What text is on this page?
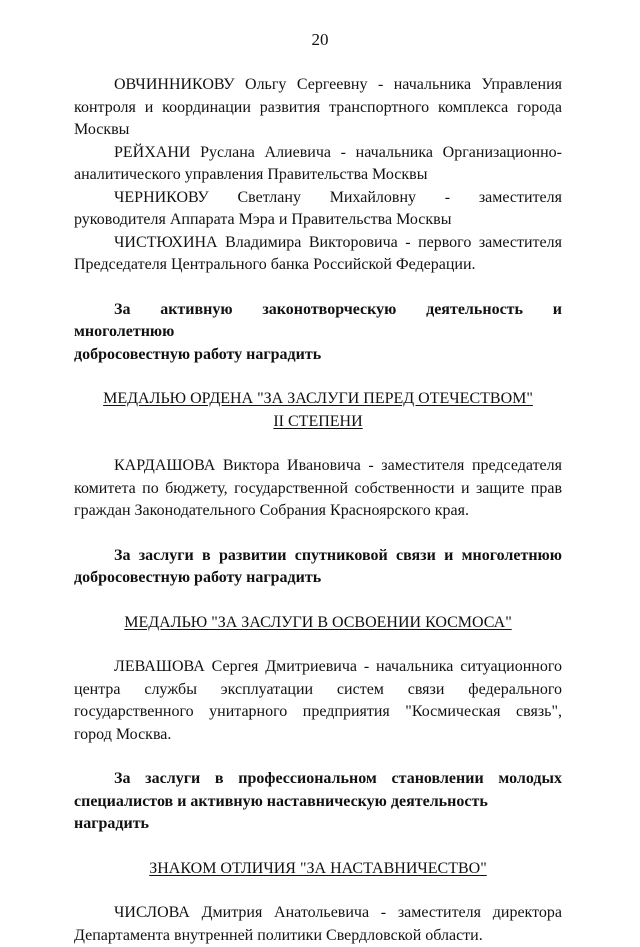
20
ОВЧИННИКОВУ Ольгу Сергеевну - начальника Управления
контроля и координации развития транспортного комплекса города
Москвы
РЕЙХАНИ Руслана Алиевича - начальника Организационно-
аналитического управления Правительства Москвы
ЧЕРНИКОВУ Светлану Михайловну - заместителя
руководителя Аппарата Мэра и Правительства Москвы
ЧИСТЮХИНА Владимира Викторовича - первого заместителя
Председателя Центрального банка Российской Федерации.
За активную законотворческую деятельность и многолетнюю
добросовестную работу наградить
МЕДАЛЬЮ ОРДЕНА "ЗА ЗАСЛУГИ ПЕРЕД ОТЕЧЕСТВОМ"
II СТЕПЕНИ
КАРДАШОВА Виктора Ивановича - заместителя председателя
комитета по бюджету, государственной собственности и защите прав
граждан Законодательного Собрания Красноярского края.
За заслуги в развитии спутниковой связи и многолетнюю
добросовестную работу наградить
МЕДАЛЬЮ "ЗА ЗАСЛУГИ В ОСВОЕНИИ КОСМОСА"
ЛЕВАШОВА Сергея Дмитриевича - начальника ситуационного
центра службы эксплуатации систем связи федерального
государственного унитарного предприятия "Космическая связь",
город Москва.
За заслуги в профессиональном становлении молодых
специалистов и активную наставническую деятельность наградить
ЗНАКОМ ОТЛИЧИЯ "ЗА НАСТАВНИЧЕСТВО"
ЧИСЛОВА Дмитрия Анатольевича - заместителя директора
Департамента внутренней политики Свердловской области.
